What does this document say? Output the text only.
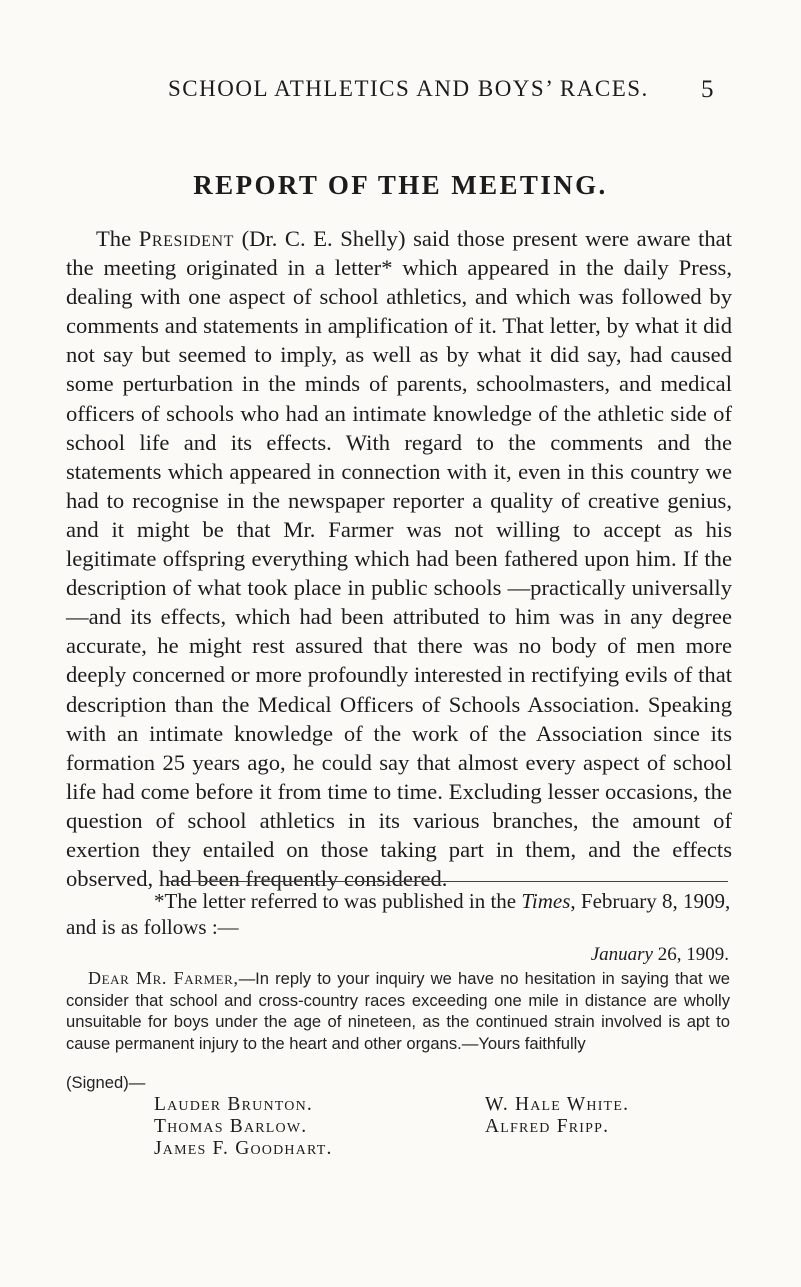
SCHOOL ATHLETICS AND BOYS’ RACES. 5
REPORT OF THE MEETING.

The President (Dr. C. E. Shelly) said those present were aware that the meeting originated in a letter* which appeared in the daily Press, dealing with one aspect of school athletics, and which was followed by comments and statements in amplification of it. That letter, by what it did not say but seemed to imply, as well as by what it did say, had caused some perturbation in the minds of parents, schoolmasters, and medical officers of schools who had an intimate knowledge of the athletic side of school life and its effects. With regard to the comments and the statements which appeared in connection with it, even in this country we had to recognise in the newspaper reporter a quality of creative genius, and it might be that Mr. Farmer was not willing to accept as his legitimate offspring everything which had been fathered upon him. If the description of what took place in public schools —practically universally—and its effects, which had been attributed to him was in any degree accurate, he might rest assured that there was no body of men more deeply concerned or more profoundly interested in rectifying evils of that description than the Medical Officers of Schools Association. Speaking with an intimate knowledge of the work of the Association since its formation 25 years ago, he could say that almost every aspect of school life had come before it from time to time. Excluding lesser occasions, the question of school athletics in its various branches, the amount of exertion they entailed on those taking part in them, and the effects observed, had been frequently considered.

*The letter referred to was published in the Times, February 8, 1909, and is as follows :—

January 26, 1909.

Dear Mr. Farmer,—In reply to your inquiry we have no hesitation in saying that we consider that school and cross-country races exceeding one mile in distance are wholly unsuitable for boys under the age of nineteen, as the continued strain involved is apt to cause permanent injury to the heart and other organs.—Yours faithfully

(Signed)—
Lauder Brunton.	W. Hale White.
Thomas Barlow.	Alfred Fripp.
James F. Goodhart.
